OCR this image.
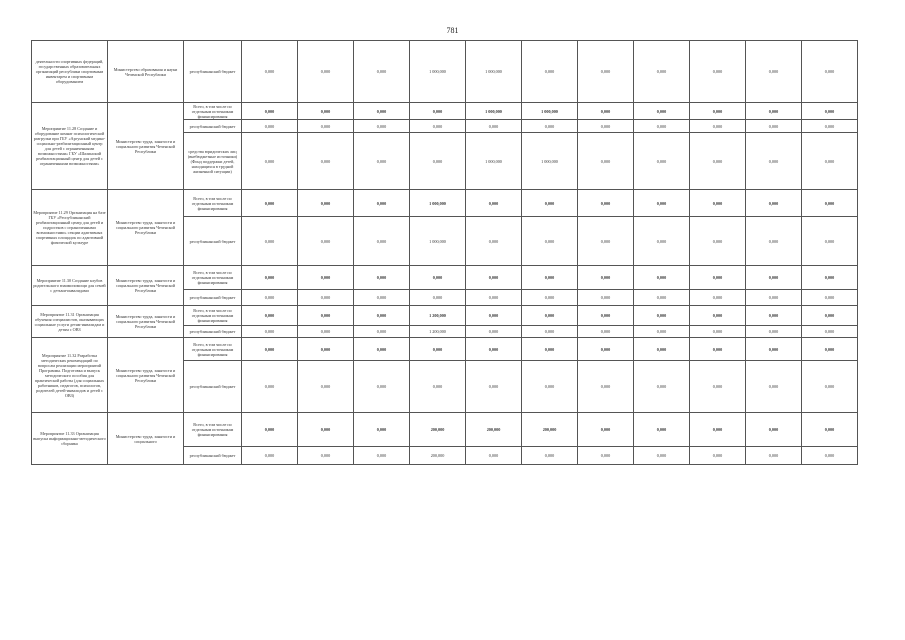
781
деятельности спортивных федераций, государственных образовательных организаций республики спортивным инвентарем и спортивным оборудованием	Министерство образования и науки Чеченской Республики	республиканский бюджет	0,000	0,000	0,000	1 000,000	1 000,000	0,000	0,000	0,000	0,000	0,000	0,000
Мероприятие 11.28 Создание и оборудование комнат психологической разгрузки при ГБУ «Аргунский медико-социально-реабилитационный центр для детей с ограниченными возможностями» ГБУ «Шалинский реабилитационный центр для детей с ограниченными возможностями»	Министерство труда, занятости и социального развития Чеченской Республики	Всего, в том числе по отдельным источникам финансирования	0,000	0,000	0,000	0,000	1 000,000	1 000,000	0,000	0,000	0,000	0,000	0,000
		республиканский бюджет	0,000	0,000	0,000	0,000	0,000	0,000	0,000	0,000	0,000	0,000	0,000
		средства юридических лиц (внебюджетные источники) (Фонд поддержки детей, находящихся в трудной жизненной ситуации)	0,000	0,000	0,000	0,000	1 000,000	1 000,000	0,000	0,000	0,000	0,000	0,000
Мероприятие 11.29 Организация на базе ГБУ «Республиканский реабилитационный центр для детей и подростков с ограниченными возможностями» секции адаптивных спортивных площадок по адаптивной физической культуре	Министерство труда, занятости и социального развития Чеченской Республики	Всего, в том числе по отдельным источникам финансирования	0,000	0,000	0,000	1 000,000	0,000	0,000	0,000	0,000	0,000	0,000	0,000
		республиканский бюджет	0,000	0,000	0,000	1 000,000	0,000	0,000	0,000	0,000	0,000	0,000	0,000
Мероприятие 11.30 Создание клубов родительского взаимопомощи для семей с детьми-инвалидами	Министерство труда, занятости и социального развития Чеченской Республики	Всего, в том числе по отдельным источникам финансирования	0,000	0,000	0,000	0,000	0,000	0,000	0,000	0,000	0,000	0,000	0,000
		республиканский бюджет	0,000	0,000	0,000	0,000	0,000	0,000	0,000	0,000	0,000	0,000	0,000
Мероприятие 11.31 Организация обучения специалистов, оказывающих социальные услуги детям-инвалидам и детям с ОВЗ	Министерство труда, занятости и социального развития Чеченской Республики	Всего, в том числе по отдельным источникам финансирования	0,000	0,000	0,000	1 200,000	0,000	0,000	0,000	0,000	0,000	0,000	0,000
		республиканский бюджет	0,000	0,000	0,000	1 200,000	0,000	0,000	0,000	0,000	0,000	0,000	0,000
Мероприятие 11.32 Разработка методических рекомендаций по вопросам реализации мероприятий Программы. Подготовка и выпуск методического пособия для практической работы (для социальных работников, педагогов, психологов, родителей детей-инвалидов и детей с ОВЗ)	Министерство труда, занятости и социального развития Чеченской Республики	Всего, в том числе по отдельным источникам финансирования	0,000	0,000	0,000	0,000	0,000	0,000	0,000	0,000	0,000	0,000	0,000
		республиканский бюджет	0,000	0,000	0,000	0,000	0,000	0,000	0,000	0,000	0,000	0,000	0,000
Мероприятие 11.33 Организация выпуска информационно-методического сборника	Министерство труда, занятости и социального	Всего, в том числе по отдельным источникам финансирования	0,000	0,000	0,000	200,000	200,000	200,000	0,000	0,000	0,000	0,000	0,000
		республиканский бюджет	0,000	0,000	0,000	200,000	0,000	0,000	0,000	0,000	0,000	0,000	0,000
